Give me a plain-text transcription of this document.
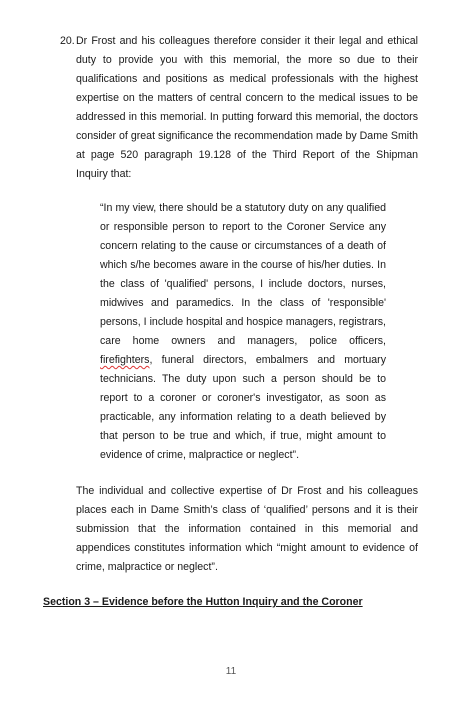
20. Dr Frost and his colleagues therefore consider it their legal and ethical duty to provide you with this memorial, the more so due to their qualifications and positions as medical professionals with the highest expertise on the matters of central concern to the medical issues to be addressed in this memorial. In putting forward this memorial, the doctors consider of great significance the recommendation made by Dame Smith at page 520 paragraph 19.128 of the Third Report of the Shipman Inquiry that:
“In my view, there should be a statutory duty on any qualified or responsible person to report to the Coroner Service any concern relating to the cause or circumstances of a death of which s/he becomes aware in the course of his/her duties. In the class of 'qualified' persons, I include doctors, nurses, midwives and paramedics. In the class of 'responsible' persons, I include hospital and hospice managers, registrars, care home owners and managers, police officers, firefighters, funeral directors, embalmers and mortuary technicians. The duty upon such a person should be to report to a coroner or coroner's investigator, as soon as practicable, any information relating to a death believed by that person to be true and which, if true, might amount to evidence of crime, malpractice or neglect”.
The individual and collective expertise of Dr Frost and his colleagues places each in Dame Smith’s class of ‘qualified’ persons and it is their submission that the information contained in this memorial and appendices constitutes information which “might amount to evidence of crime, malpractice or neglect”.
Section 3 – Evidence before the Hutton Inquiry and the Coroner
11
